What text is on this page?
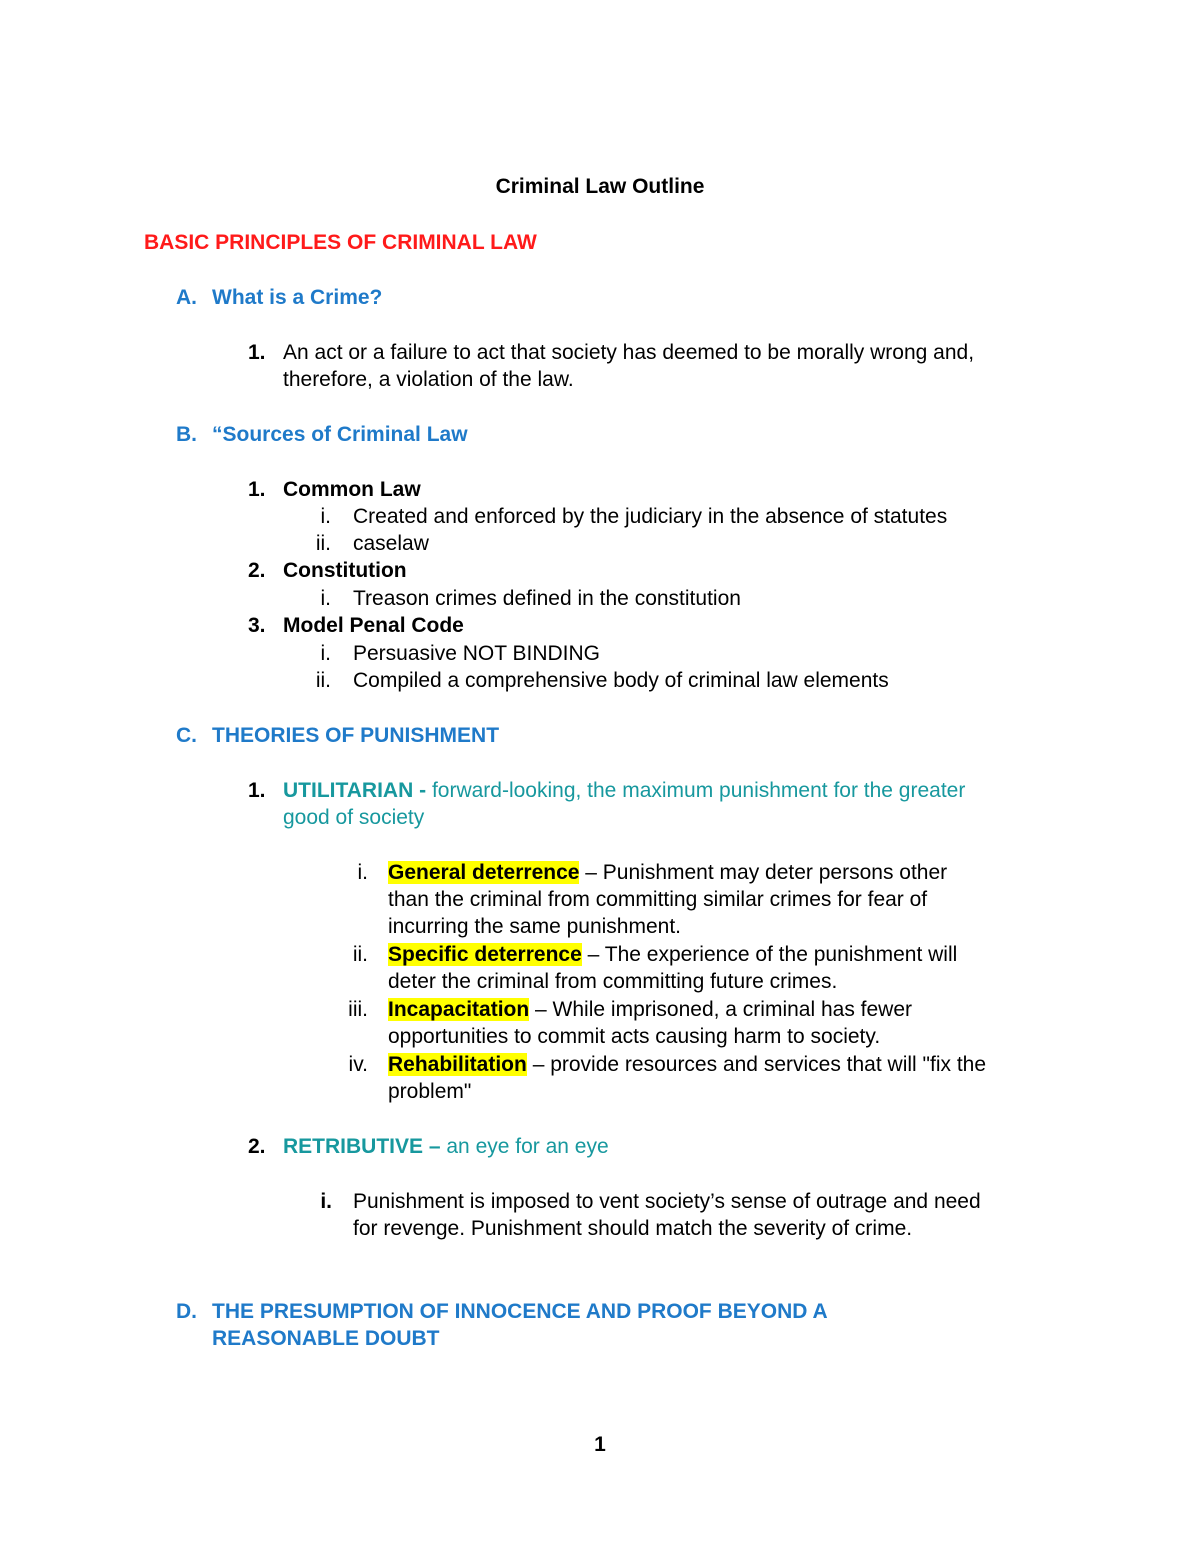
Criminal Law Outline
BASIC PRINCIPLES OF CRIMINAL LAW
A. What is a Crime?
1. An act or a failure to act that society has deemed to be morally wrong and,
therefore, a violation of the law.
B. “Sources of Criminal Law
1. Common Law
i. Created and enforced by the judiciary in the absence of statutes
ii. caselaw
2. Constitution
i. Treason crimes defined in the constitution
3. Model Penal Code
i. Persuasive NOT BINDING
ii. Compiled a comprehensive body of criminal law elements
C. THEORIES OF PUNISHMENT
1. UTILITARIAN - forward-looking, the maximum punishment for the greater
good of society
i. General deterrence – Punishment may deter persons other
than the criminal from committing similar crimes for fear of
incurring the same punishment.
ii. Specific deterrence – The experience of the punishment will
deter the criminal from committing future crimes.
iii. Incapacitation – While imprisoned, a criminal has fewer
opportunities to commit acts causing harm to society.
iv. Rehabilitation – provide resources and services that will "fix the
problem"
2. RETRIBUTIVE – an eye for an eye
i. Punishment is imposed to vent society’s sense of outrage and need
for revenge. Punishment should match the severity of crime.
D. THE PRESUMPTION OF INNOCENCE AND PROOF BEYOND A
REASONABLE DOUBT
1
